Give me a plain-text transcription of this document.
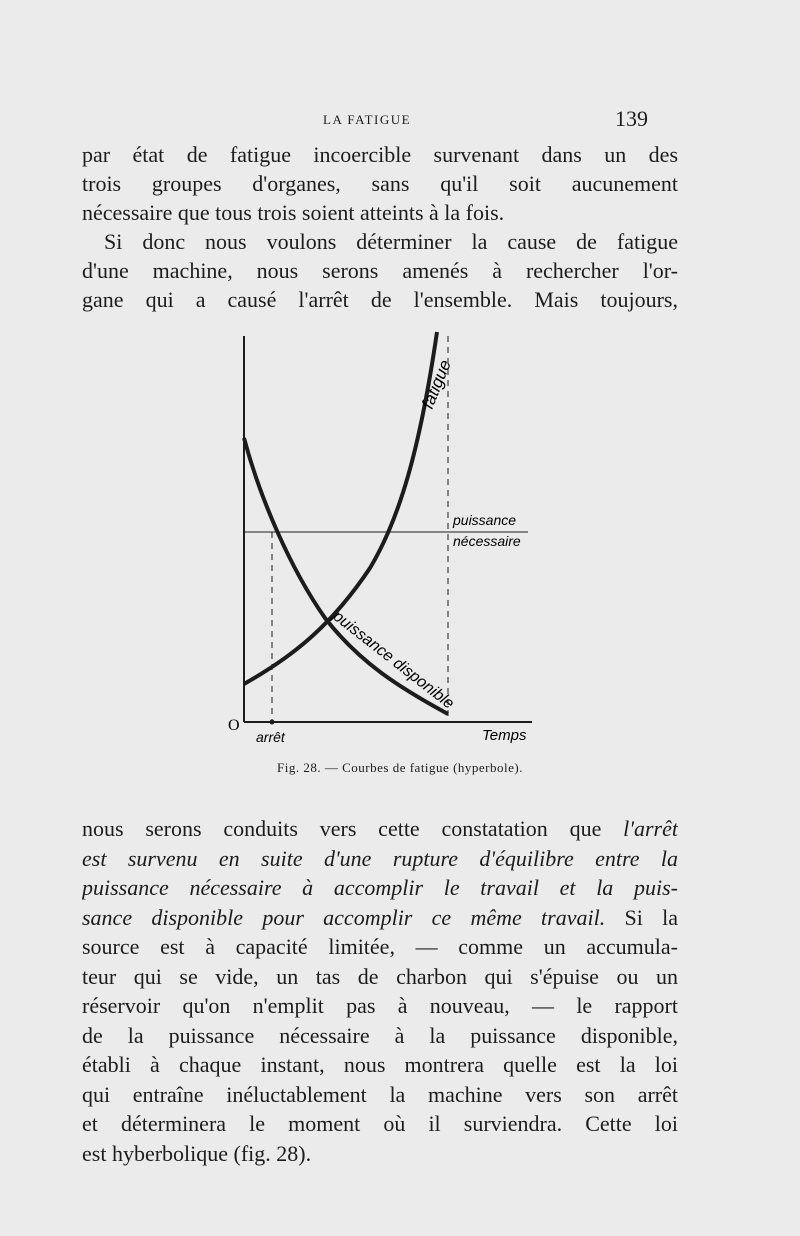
LA FATIGUE	139
par état de fatigue incoercible survenant dans un des
trois groupes d'organes, sans qu'il soit aucunement
nécessaire que tous trois soient atteints à la fois.
Si donc nous voulons déterminer la cause de fatigue
d'une machine, nous serons amenés à rechercher l'or-
gane qui a causé l'arrêt de l'ensemble. Mais toujours,
fatigue
puissance disponible
puissance
nécessaire
O
arrêt	Temps
Fig. 28. — Courbes de fatigue (hyperbole).
nous serons conduits vers cette constatation que l'arrêt
est survenu en suite d'une rupture d'équilibre entre la
puissance nécessaire à accomplir le travail et la puis-
sance disponible pour accomplir ce même travail. Si la
source est à capacité limitée, — comme un accumula-
teur qui se vide, un tas de charbon qui s'épuise ou un
réservoir qu'on n'emplit pas à nouveau, — le rapport
de la puissance nécessaire à la puissance disponible,
établi à chaque instant, nous montrera quelle est la loi
qui entraîne inéluctablement la machine vers son arrêt
et déterminera le moment où il surviendra. Cette loi
est hyberbolique (fig. 28).
